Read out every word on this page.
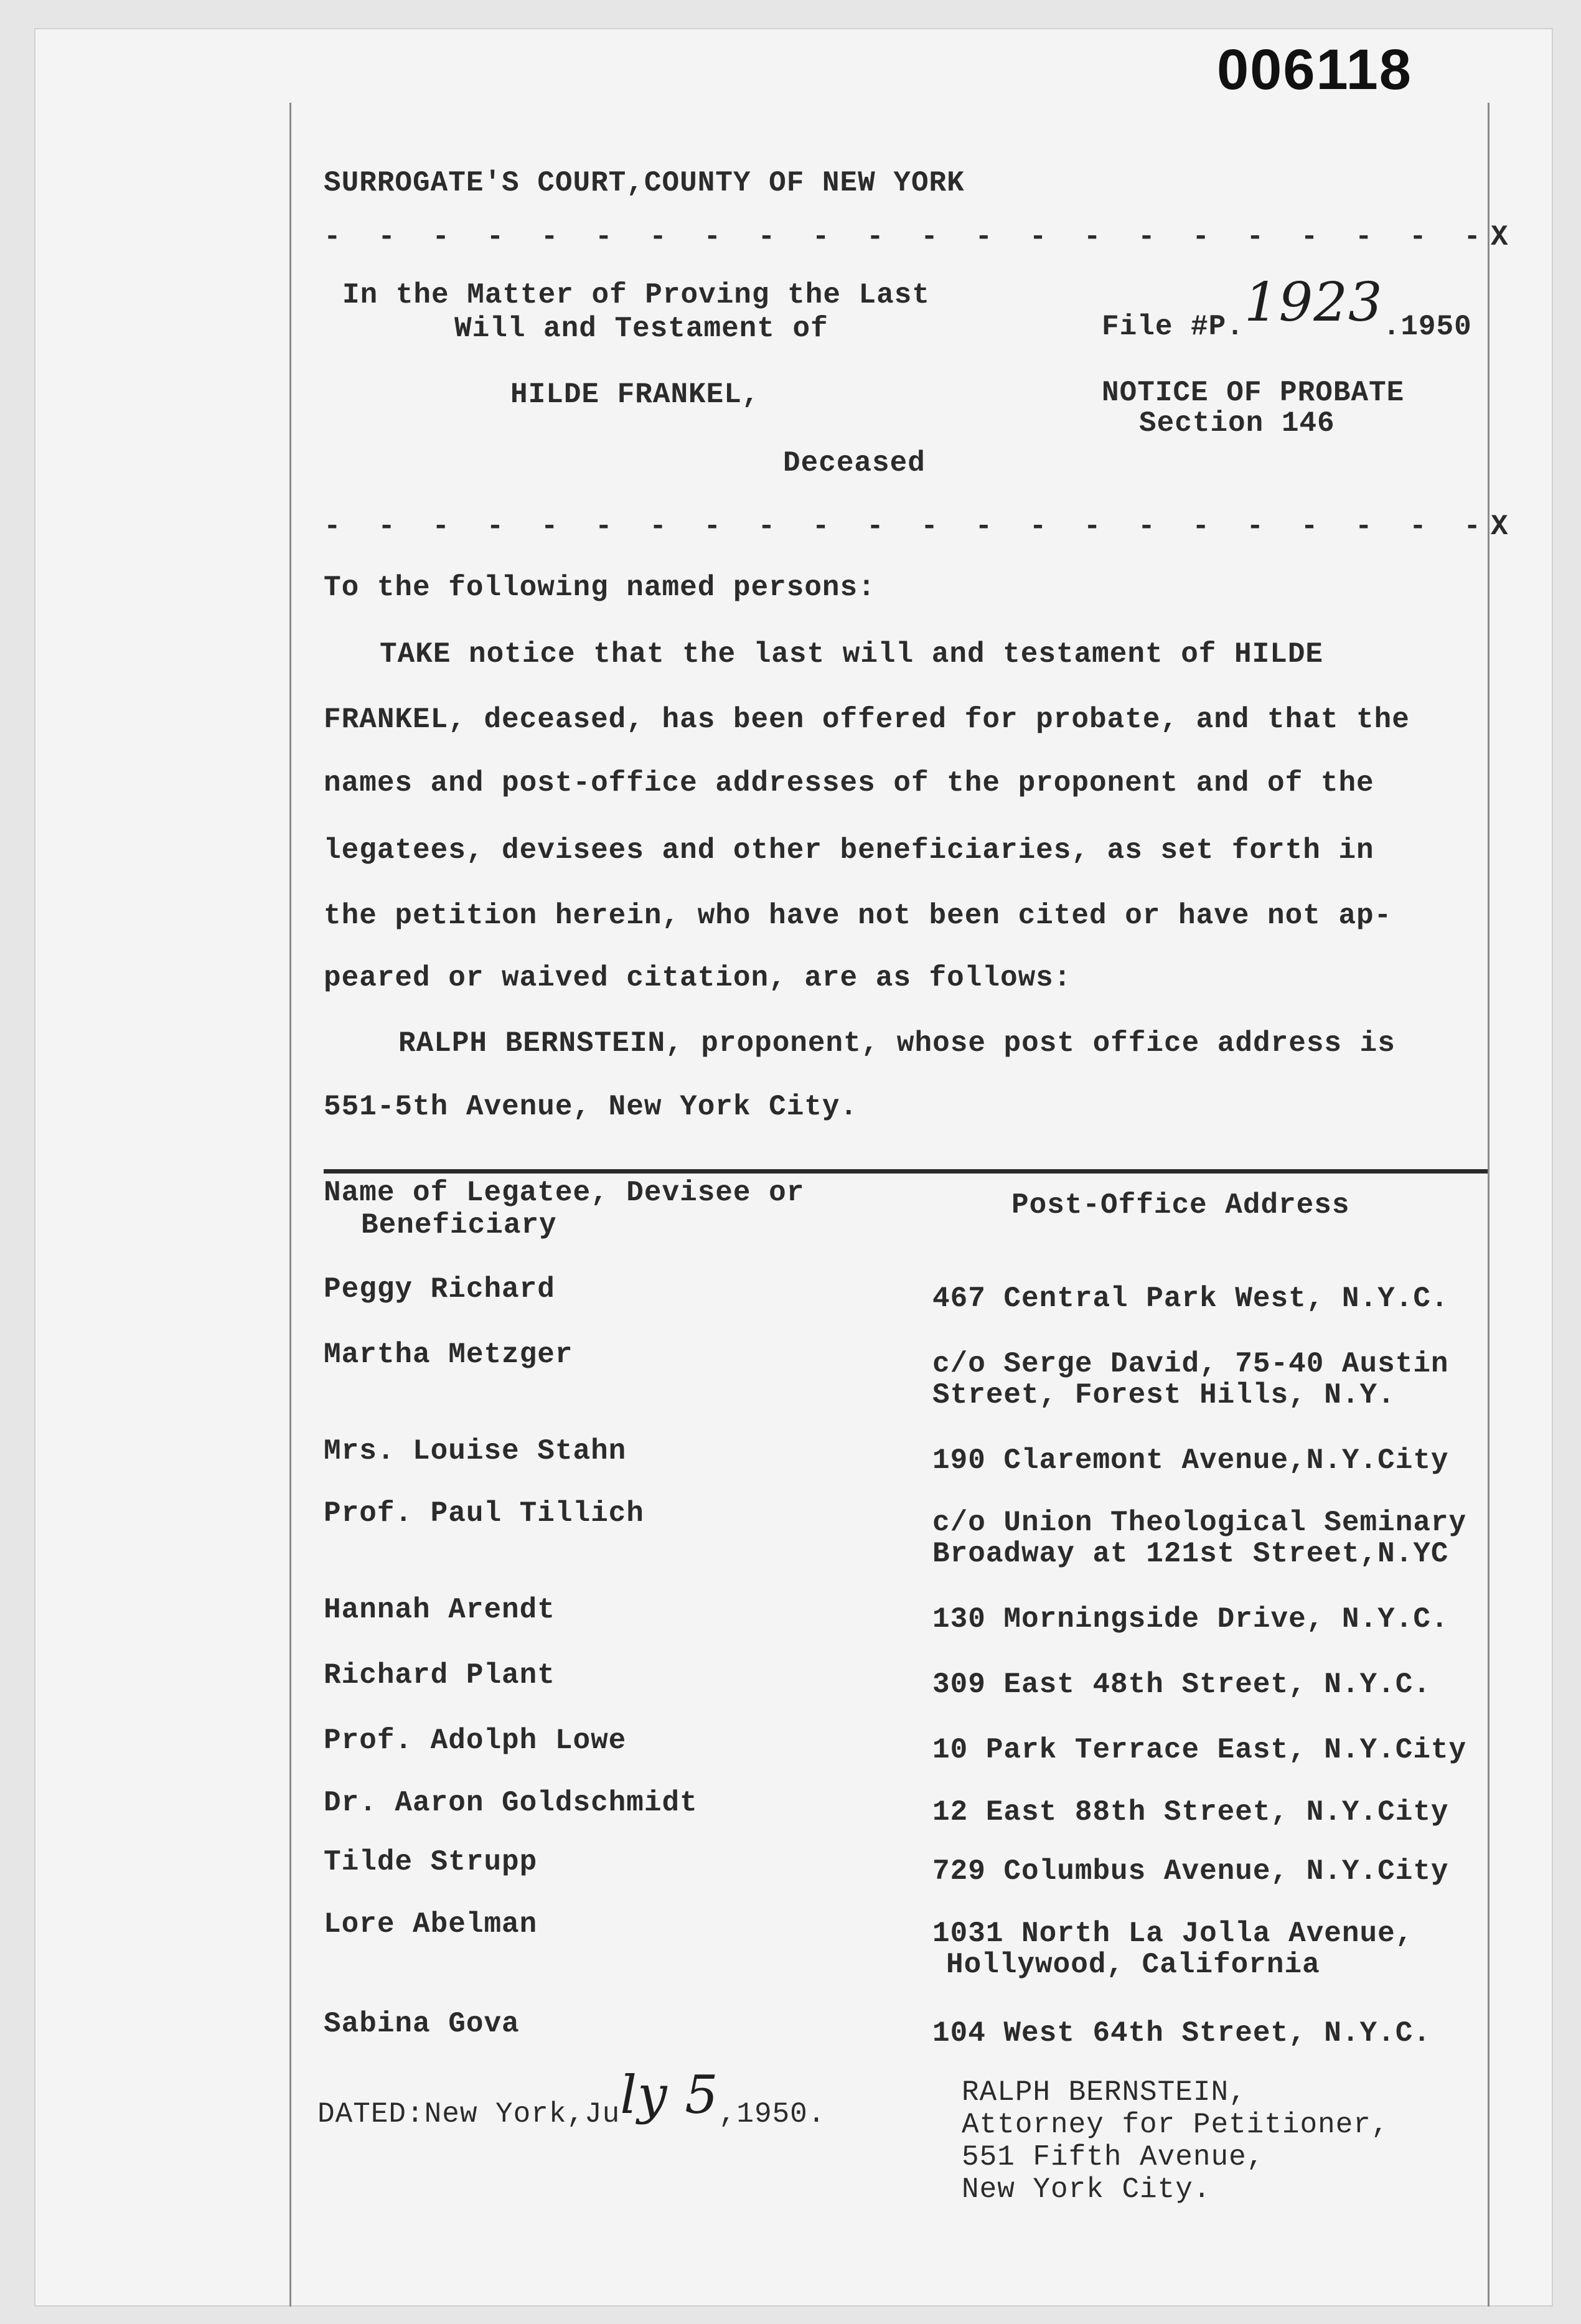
006118
SURROGATE'S COURT,COUNTY OF NEW YORK
- - - - - - - - - - - - - - - - - - - - - -X
In the Matter of Proving the Last
Will and Testament of	File #P.1923.1950
HILDE FRANKEL,	NOTICE OF PROBATE
Section 146
Deceased
- - - - - - - - - - - - - - - - - - - - - -X
To the following named persons:
TAKE notice that the last will and testament of HILDE
FRANKEL, deceased, has been offered for probate, and that the
names and post-office addresses of the proponent and of the
legatees, devisees and other beneficiaries, as set forth in
the petition herein, who have not been cited or have not ap-
peared or waived citation, are as follows:
RALPH BERNSTEIN, proponent, whose post office address is
551-5th Avenue, New York City.
Name of Legatee, Devisee or
Beneficiary
Post-Office Address
Peggy Richard	467 Central Park West, N.Y.C.
Martha Metzger	c/o Serge David, 75-40 Austin
Street, Forest Hills, N.Y.
Mrs. Louise Stahn	190 Claremont Avenue,N.Y.City
Prof. Paul Tillich	c/o Union Theological Seminary
Broadway at 121st Street,N.YC
Hannah Arendt	130 Morningside Drive, N.Y.C.
Richard Plant	309 East 48th Street, N.Y.C.
Prof. Adolph Lowe	10 Park Terrace East, N.Y.City
Dr. Aaron Goldschmidt	12 East 88th Street, N.Y.City
Tilde Strupp	729 Columbus Avenue, N.Y.City
Lore Abelman	1031 North La Jolla Avenue,
Hollywood, California
Sabina Gova	104 West 64th Street, N.Y.C.
DATED:New York,July 5,1950.
RALPH BERNSTEIN,
Attorney for Petitioner,
551 Fifth Avenue,
New York City.
